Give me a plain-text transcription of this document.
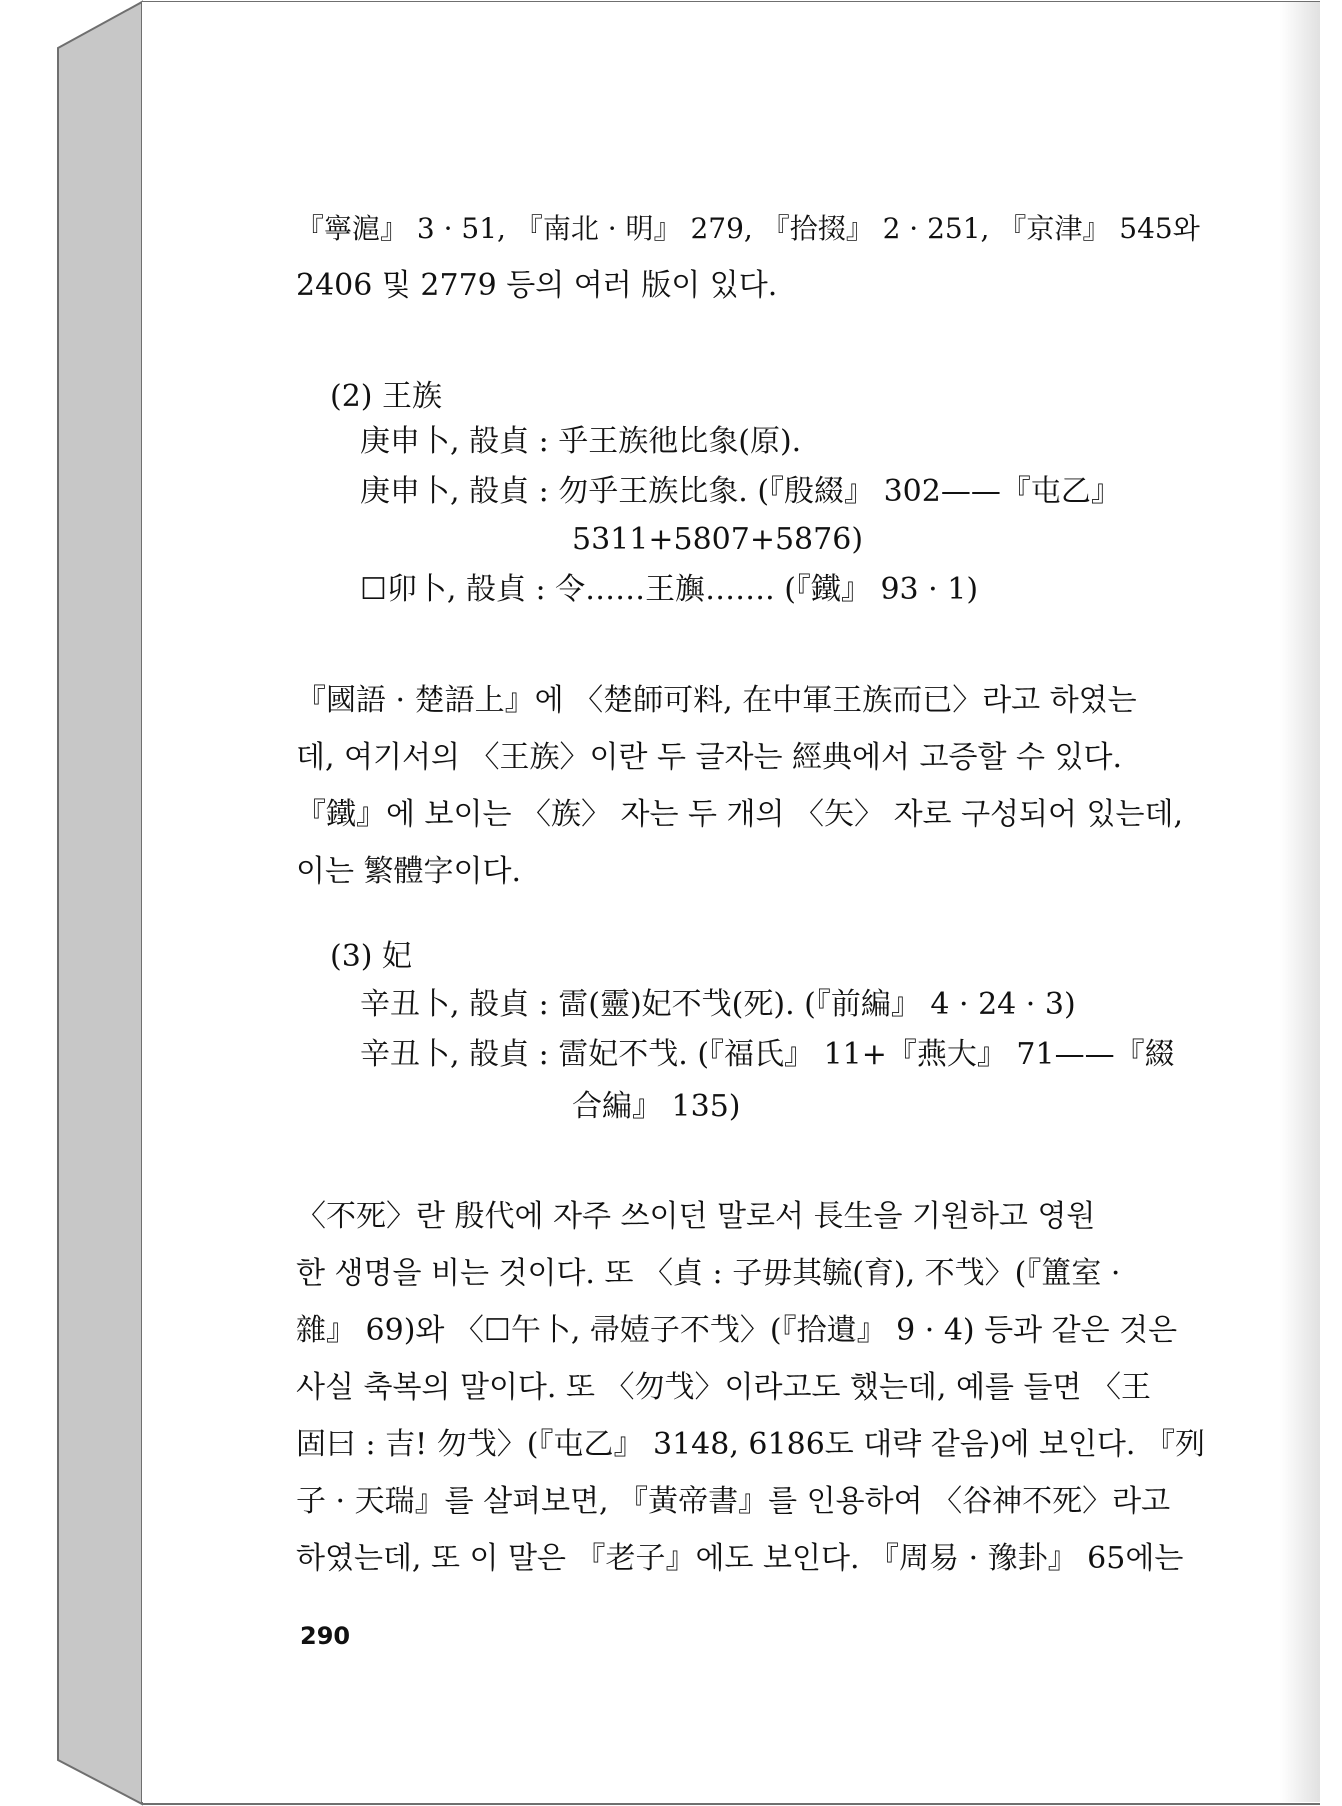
『寧滬』 3 · 51, 『南北 · 明』 279, 『拾掇』 2 · 251, 『京津』 545와
2406 및 2779 등의 여러 版이 있다.
(2) 王族
庚申卜, 㱿貞 : 乎王族彵比𧰼(原).
庚申卜, 㱿貞 : 勿乎王族比𧰼. (『殷綴』 302——『屯乙』
5311+5807+5876)
☐卯卜, 㱿貞 : 令……王旟……. (『鐵』 93 · 1)
『國語 · 楚語上』에 〈楚師可料, 在中軍王族而已〉라고 하였는
데, 여기서의 〈王族〉이란 두 글자는 經典에서 고증할 수 있다.
『鐵』에 보이는 〈族〉 자는 두 개의 〈矢〉 자로 구성되어 있는데,
이는 繁體字이다.
(3) 妃
辛丑卜, 㱿貞 : 䨓(靈)妃不𢦏(死). (『前編』 4 · 24 · 3)
辛丑卜, 㱿貞 : 䨓妃不𢦏. (『福氏』 11+『燕大』 71——『綴
合編』 135)
〈不死〉란 殷代에 자주 쓰이던 말로서 長生을 기원하고 영원
한 생명을 비는 것이다. 또 〈貞 : 子毋其毓(育), 不𢦏〉(『簠室 ·
雜』 69)와 〈☐午卜, 帚㛸子不𢦏〉(『拾遺』 9 · 4) 등과 같은 것은
사실 축복의 말이다. 또 〈勿𢦏〉이라고도 했는데, 예를 들면 〈王
固曰 : 吉! 勿𢦏〉(『屯乙』 3148, 6186도 대략 같음)에 보인다. 『列
子 · 天瑞』를 살펴보면, 『黃帝書』를 인용하여 〈谷神不死〉라고
하였는데, 또 이 말은 『老子』에도 보인다. 『周易 · 豫卦』 65에는
290
